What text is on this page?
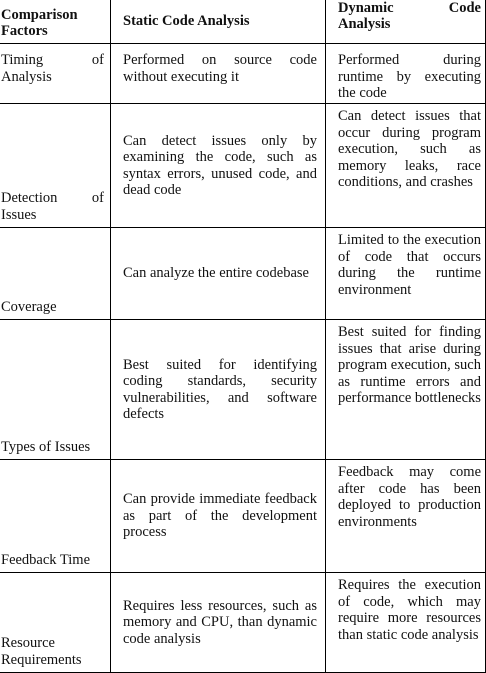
Comparison Factors
Static Code Analysis
Dynamic Code Analysis
Timing of Analysis
Performed on source code without executing it
Performed during runtime by executing the code
Detection of Issues
Can detect issues only by examining the code, such as syntax errors, unused code, and dead code
Can detect issues that occur during program execution, such as memory leaks, race conditions, and crashes
Coverage
Can analyze the entire codebase
Limited to the execution of code that occurs during the runtime environment
Types of Issues
Best suited for identifying coding standards, security vulnerabilities, and software defects
Best suited for finding issues that arise during program execution, such as runtime errors and performance bottlenecks
Feedback Time
Can provide immediate feedback as part of the development process
Feedback may come after code has been deployed to production environments
Resource Requirements
Requires less resources, such as memory and CPU, than dynamic code analysis
Requires the execution of code, which may require more resources than static code analysis
